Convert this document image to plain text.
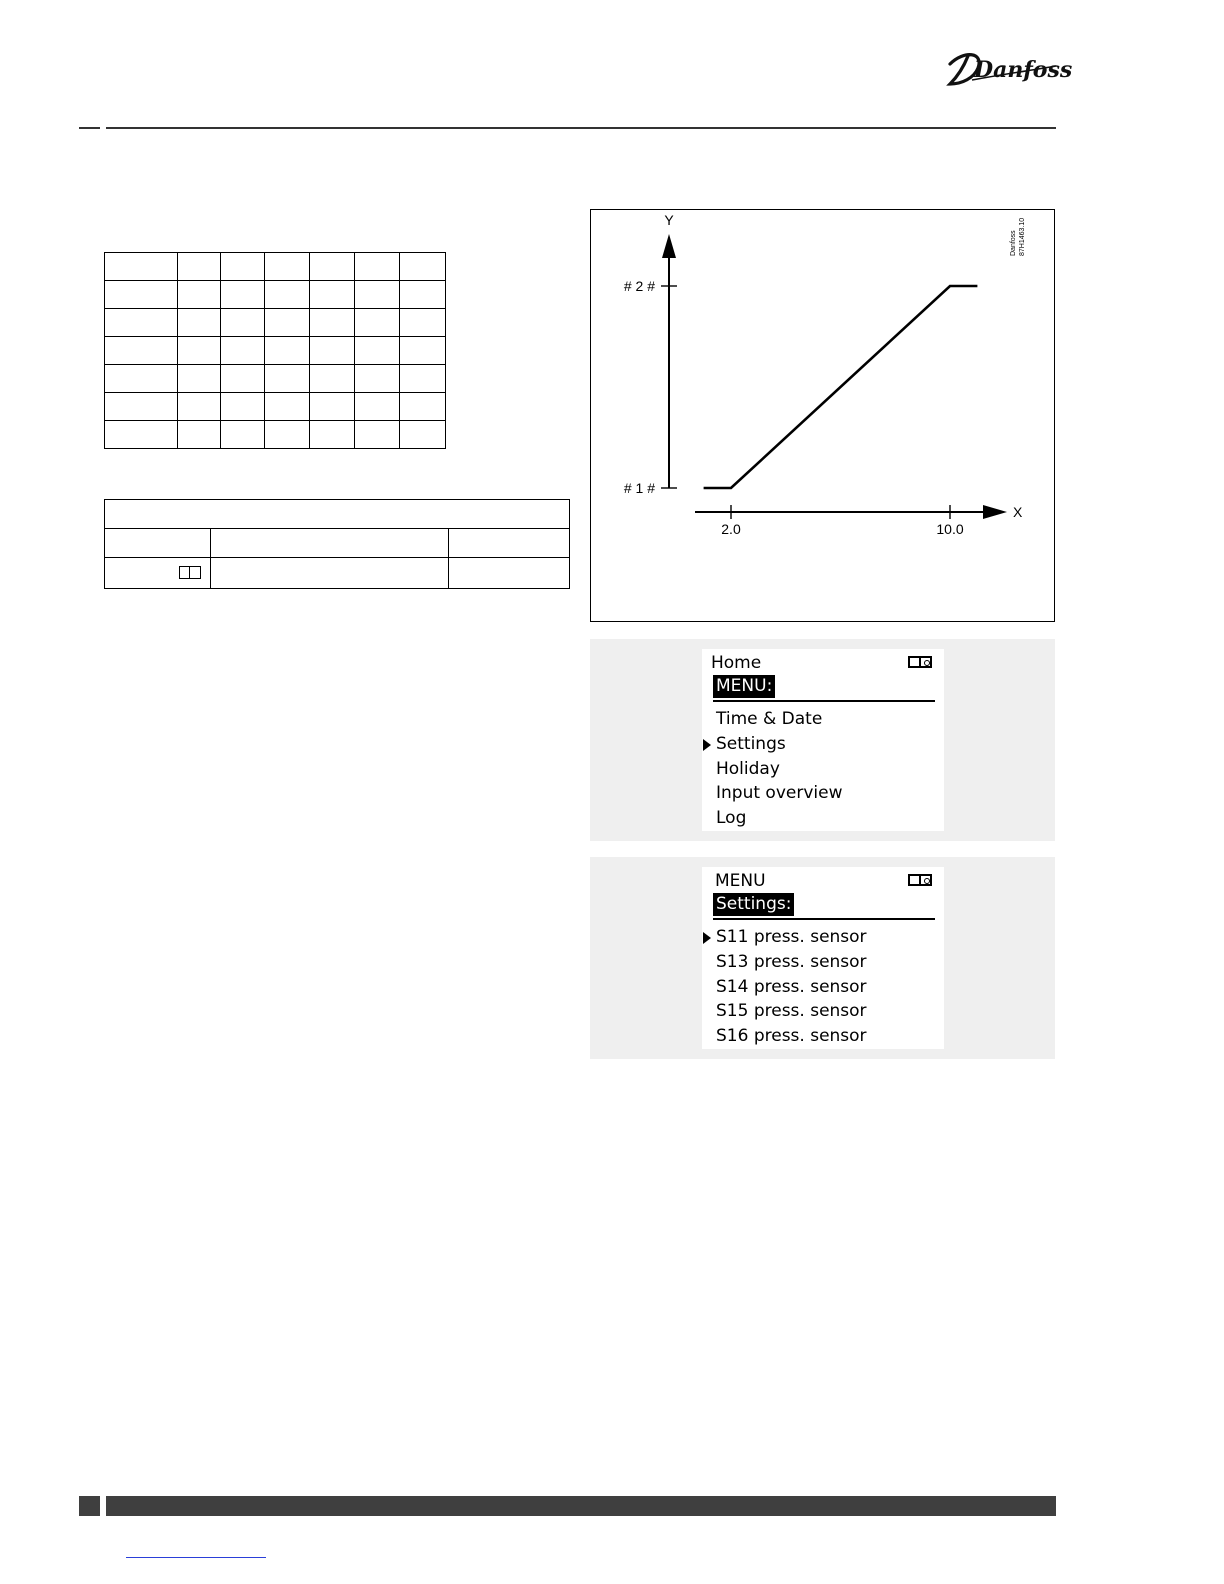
Danfoss

Y
X
2.0	10.0
# 1 #
# 2 #
Danfoss 87H1463.10
Home
MENU:
Time & Date
Settings
Holiday
Input overview
Log
MENU
Settings:
S11 press. sensor
S13 press. sensor
S14 press. sensor
S15 press. sensor
S16 press. sensor
